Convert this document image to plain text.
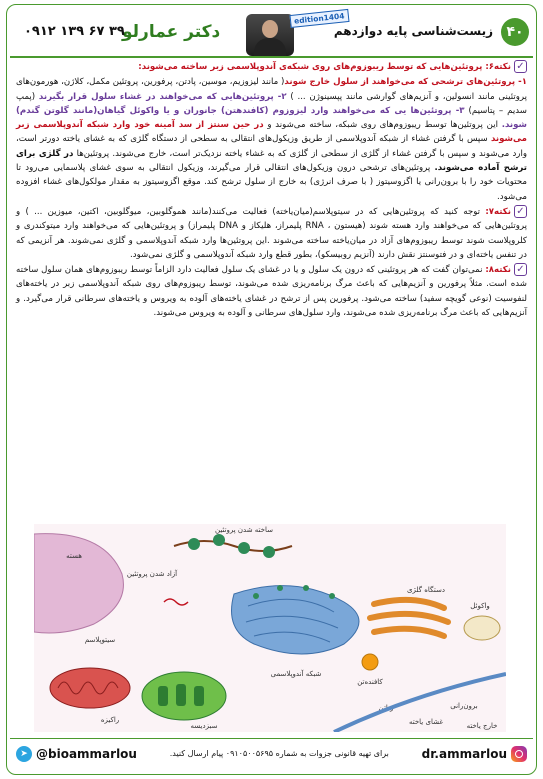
۴۰
زیست‌شناسی پایه دوازدهم
edition1404
دکتر عمارلو
۰۹۱۲ ۱۳۹ ۶۷ ۳۹

✓نکته۶: پروتئین‌هایی که توسط ریبوزوم‌های روی شبکه‌ی آندوپلاسمی زبر ساخته می‌شوند:

۱- پروتئین‌های ترشحی که می‌خواهند از سلول خارج شوند( مانند لیزوزیم، موسین، پادتن، پرفورین، پروتئین مکمل، کلاژن، هورمون‌های پروتئینی مانند انسولین، و آنزیم‌های گوارشی مانند پپسینوژن ... ) ۲- پروتئین‌هایی که می‌خواهند در غشاء سلول قرار بگیرند (پمپ سدیم – پتاسیم) ۳- پروتئین‌ها یی که می‌خواهند وارد لیزوزوم (کافندهتن) جانوران و یا واکوئل گیاهان(مانند گلوتن گندم) شوند. این پروتئین‌ها توسط ریبوزوم‌های روی شبکه، ساخته می‌شوند و در حین سنتز از سد آمینه خود وارد شبکه آندوپلاسمی زبر می‌شوند سپس با گرفتن غشاء از شبکه آندوپلاسمی از طریق وزیکول‌های انتقالی به سطحی از دستگاه گلژی که به غشای یاخته دورتر است، وارد می‌شوند و سپس با گرفتن غشاء از گلژی از سطحی از گلژی که به غشاء یاخته نزدیک‌تر است، خارج می‌شوند. پروتئین‌ها در گلژی برای ترشح آماده می‌شوند. پروتئین‌های ترشحی درون وزیکول‌های انتقالی قرار می‌گیرند، وزیکول انتقالی به سوی غشای پلاسمایی می‌رود تا محتویات خود را با برون‌رانی یا اگزوسیتوز ( با صرف انرژی) به خارج از سلول ترشح کند. موقع اگزوسیتوز به مقدار مولکول‌های غشاء افزوده می‌شود.

✓نکته۷: توجه کنید که پروتئین‌هایی که در سیتوپلاسم(میان‌یاخته) فعالیت می‌کنند(مانند هموگلوبین، میوگلوبین، اکتین، میوزین ... ) و پروتئین‌هایی که می‌خواهند وارد هسته شوند (هیستون ، RNA پلیمراز، هلیکاز و DNA پلیمراز) و پروتئین‌هایی که می‌خواهند وارد میتوکندری و کلروپلاست شوند توسط ریبوزوم‌های آزاد در میان‌یاخته ساخته می‌شوند .این پروتئین‌ها وارد شبکه آندوپلاسمی و گلژی نمی‌شوند. هر آنزیمی که در تنفس یاخته‌ای و در فتوسنتز نقش دارند (آنزیم روبیسکو)، بطور قطع وارد شبکه آندوپلاسمی و گلژی نمی‌شود.

✓نکته۸: نمی‌توان گفت که هر پروتئینی که درون یک سلول و یا در غشای یک سلول فعالیت دارد الزاماً توسط ریبوزوم‌های همان سلول ساخته شده است. مثلاً پرفورین و آنزیم‌هایی که باعث مرگ برنامه‌ریزی شده می‌شوند، توسط ریبوزوم‌های روی شبکه آندوپلاسمی زبر در یاخته‌های لنفوسیت (نوعی گویچه سفید) ساخته می‌شود. پرفورین پس از ترشح در غشای یاخته‌های آلوده به ویروس و یاخته‌های سرطانی قرار می‌گیرد. و آنزیم‌هایی که باعث مرگ برنامه‌ریزی شده می‌شوند، وارد سلول‌های سرطانی و آلوده به ویروس می‌شوند.

هسته
ساخته شدن پروتئین
آزاد شدن پروتئین
سیتوپلاسم
شبکه آندوپلاسمی
دستگاه گلژی
واکوئل
کافنده‌تن
رناتن
سبزدیسه
راکیزه
برون‌رانی
غشای یاخته	خارج یاخته
➤ @bioammarlou	برای تهیه قانونی جزوات به شماره ۰۹۱۰۵۰۰۵۶۹۵ پیام ارسال کنید.	dr.ammarlou
